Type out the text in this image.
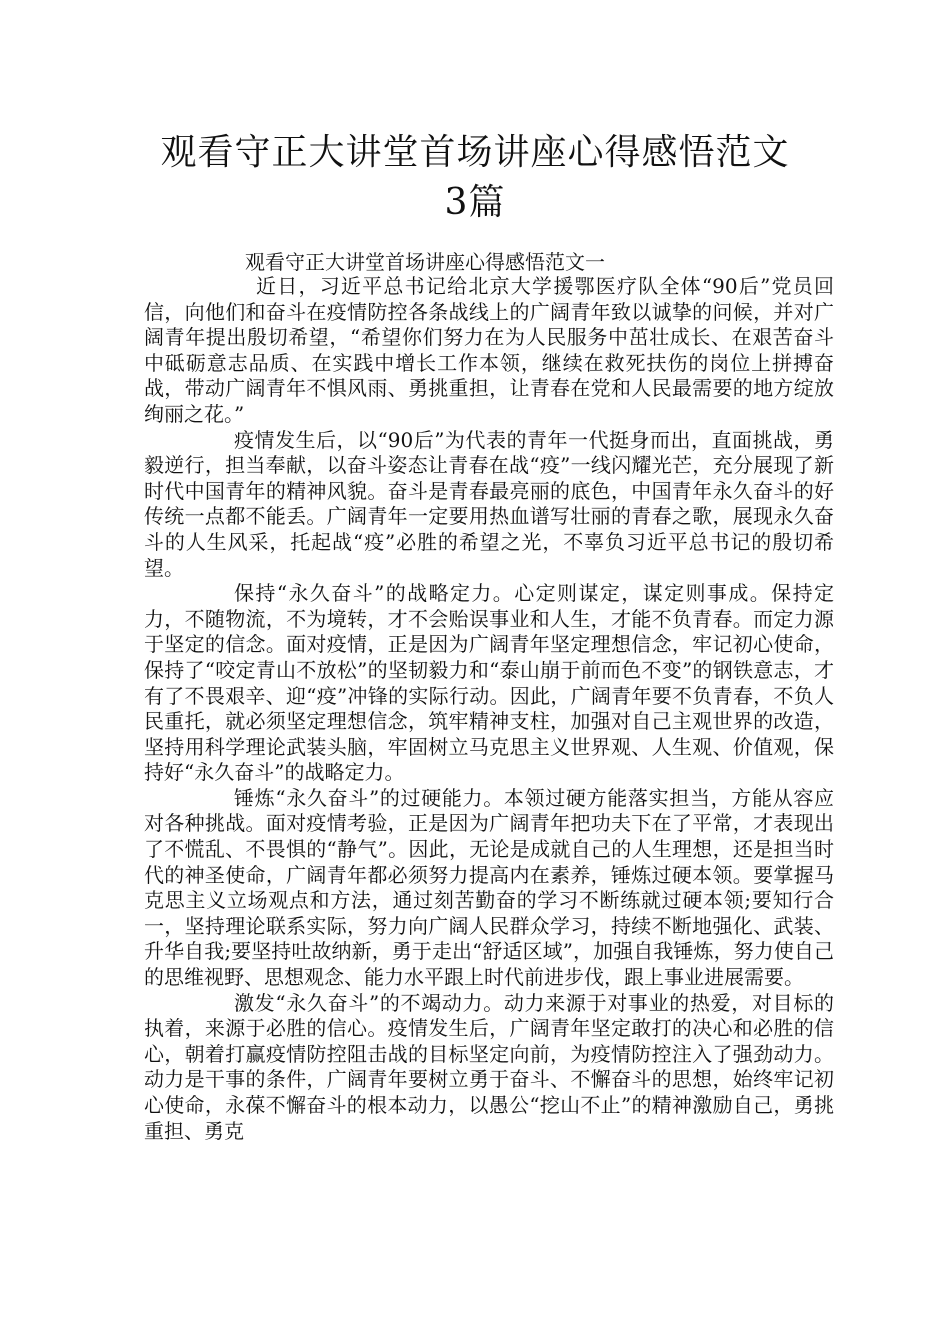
观看守正大讲堂首场讲座心得感悟范文3篇
观看守正大讲堂首场讲座心得感悟范文一

近日，习近平总书记给北京大学援鄂医疗队全体“90后”党员回信，向他们和奋斗在疫情防控各条战线上的广阔青年致以诚挚的问候，并对广阔青年提出殷切希望，“希望你们努力在为人民服务中茁壮成长、在艰苦奋斗中砥砺意志品质、在实践中增长工作本领，继续在救死扶伤的岗位上拼搏奋战，带动广阔青年不惧风雨、勇挑重担，让青春在党和人民最需要的地方绽放绚丽之花。”

疫情发生后，以“90后”为代表的青年一代挺身而出，直面挑战，勇毅逆行，担当奉献，以奋斗姿态让青春在战“疫”一线闪耀光芒，充分展现了新时代中国青年的精神风貌。奋斗是青春最亮丽的底色，中国青年永久奋斗的好传统一点都不能丢。广阔青年一定要用热血谱写壮丽的青春之歌，展现永久奋斗的人生风采，托起战“疫”必胜的希望之光，不辜负习近平总书记的殷切希望。

保持“永久奋斗”的战略定力。心定则谋定，谋定则事成。保持定力，不随物流，不为境转，才不会贻误事业和人生，才能不负青春。而定力源于坚定的信念。面对疫情，正是因为广阔青年坚定理想信念，牢记初心使命，保持了“咬定青山不放松”的坚韧毅力和“泰山崩于前而色不变”的钢铁意志，才有了不畏艰辛、迎“疫”冲锋的实际行动。因此，广阔青年要不负青春，不负人民重托，就必须坚定理想信念，筑牢精神支柱，加强对自己主观世界的改造，坚持用科学理论武装头脑，牢固树立马克思主义世界观、人生观、价值观，保持好“永久奋斗”的战略定力。

锤炼“永久奋斗”的过硬能力。本领过硬方能落实担当，方能从容应对各种挑战。面对疫情考验，正是因为广阔青年把功夫下在了平常，才表现出了不慌乱、不畏惧的“静气”。因此，无论是成就自己的人生理想，还是担当时代的神圣使命，广阔青年都必须努力提高内在素养，锤炼过硬本领。要掌握马克思主义立场观点和方法，通过刻苦勤奋的学习不断练就过硬本领;要知行合一，坚持理论联系实际，努力向广阔人民群众学习，持续不断地强化、武装、升华自我;要坚持吐故纳新，勇于走出“舒适区域”，加强自我锤炼，努力使自己的思维视野、思想观念、能力水平跟上时代前进步伐，跟上事业进展需要。

激发“永久奋斗”的不竭动力。动力来源于对事业的热爱，对目标的执着，来源于必胜的信心。疫情发生后，广阔青年坚定敢打的决心和必胜的信心，朝着打赢疫情防控阻击战的目标坚定向前，为疫情防控注入了强劲动力。动力是干事的条件，广阔青年要树立勇于奋斗、不懈奋斗的思想，始终牢记初心使命，永葆不懈奋斗的根本动力，以愚公“挖山不止”的精神激励自己，勇挑重担、勇克
